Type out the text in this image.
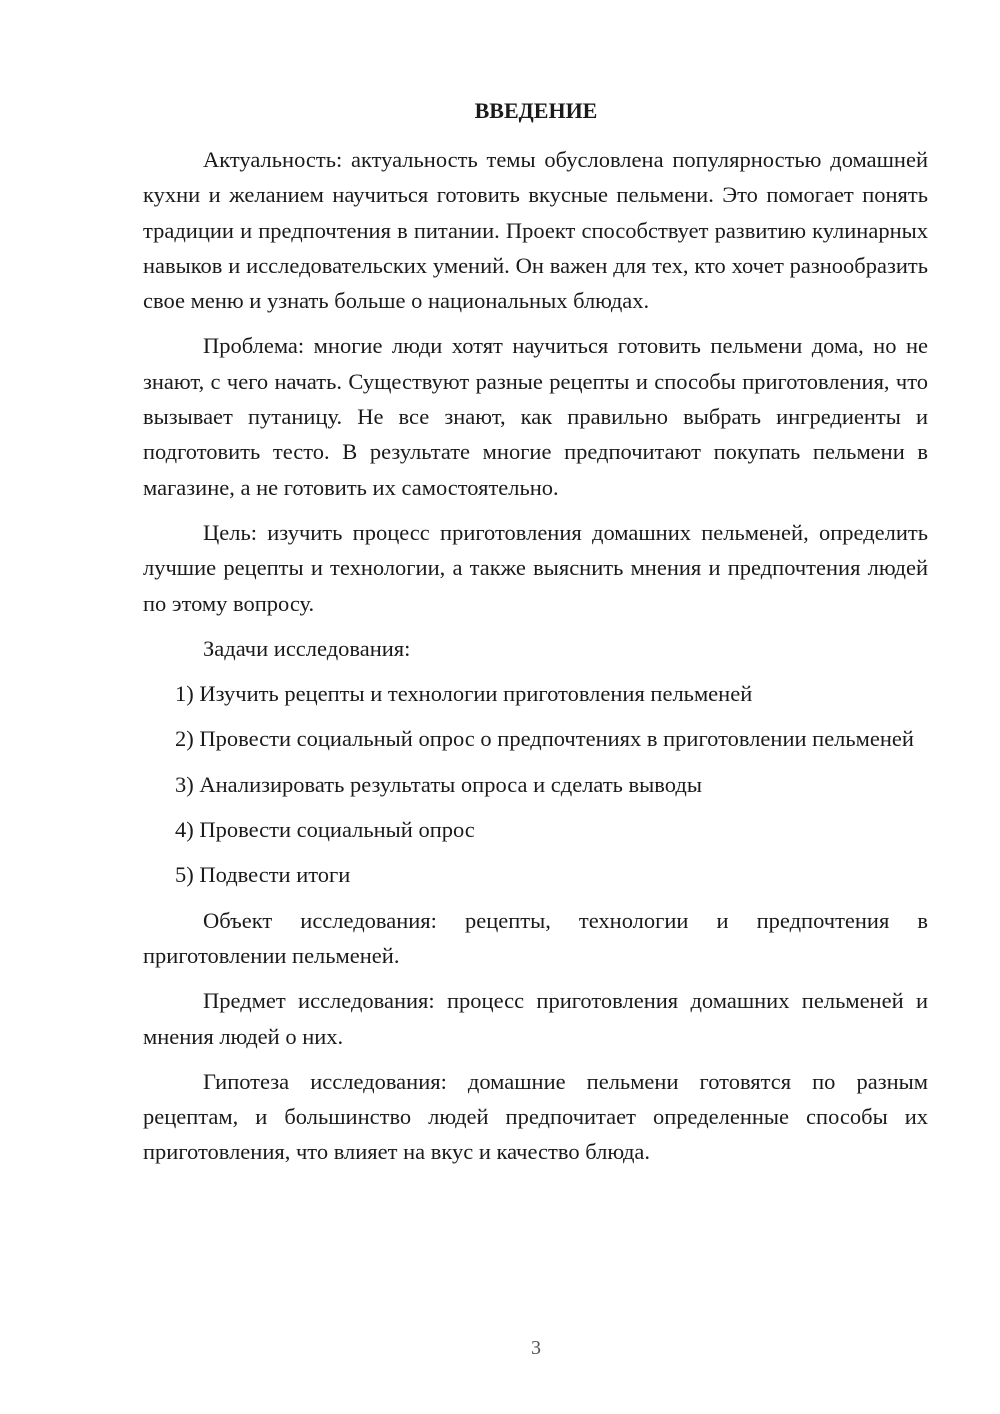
ВВЕДЕНИЕ

Актуальность: актуальность темы обусловлена популярностью домашней кухни и желанием научиться готовить вкусные пельмени. Это помогает понять традиции и предпочтения в питании. Проект способствует развитию кулинарных навыков и исследовательских умений. Он важен для тех, кто хочет разнообразить свое меню и узнать больше о национальных блюдах.

Проблема: многие люди хотят научиться готовить пельмени дома, но не знают, с чего начать. Существуют разные рецепты и способы приготовления, что вызывает путаницу. Не все знают, как правильно выбрать ингредиенты и подготовить тесто. В результате многие предпочитают покупать пельмени в магазине, а не готовить их самостоятельно.

Цель: изучить процесс приготовления домашних пельменей, определить лучшие рецепты и технологии, а также выяснить мнения и предпочтения людей по этому вопросу.

Задачи исследования:

1) Изучить рецепты и технологии приготовления пельменей

2) Провести социальный опрос о предпочтениях в приготовлении пельменей

3) Анализировать результаты опроса и сделать выводы

4) Провести социальный опрос

5) Подвести итоги

Объект исследования: рецепты, технологии и предпочтения в приготовлении пельменей.

Предмет исследования: процесс приготовления домашних пельменей и мнения людей о них.

Гипотеза исследования: домашние пельмени готовятся по разным рецептам, и большинство людей предпочитает определенные способы их приготовления, что влияет на вкус и качество блюда.

3
